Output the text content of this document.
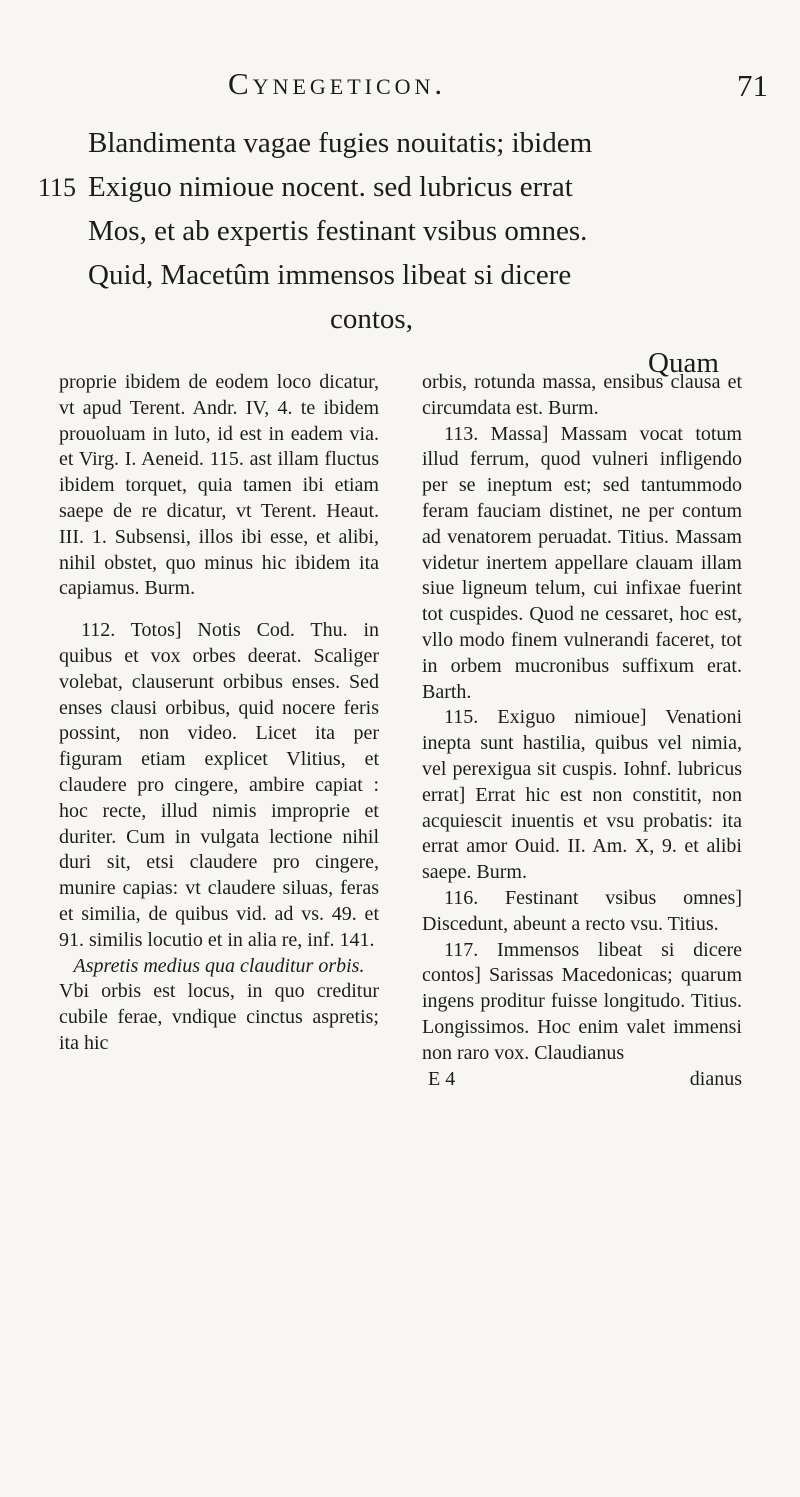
Cynegeticon.	71
Blandimenta vagae fugies nouitatis; ibidem
115 Exiguo nimioue nocent. sed lubricus errat
Mos, et ab expertis festinant vsibus omnes.
Quid, Macetûm immensos libeat si dicere
contos,
Quam

proprie ibidem de eodem loco dicatur, vt apud Terent. Andr. IV, 4. te ibidem prouoluam in luto, id est in eadem via. et Virg. I. Aeneid. 115. ast illam fluctus ibidem torquet, quia tamen ibi etiam saepe de re dicatur, vt Terent. Heaut. III. 1. Subsensi, illos ibi esse, et alibi, nihil obstet, quo minus hic ibidem ita capiamus. Burm.

112. Totos] Notis Cod. Thu. in quibus et vox orbes deerat. Scaliger volebat, clauserunt orbibus enses. Sed enses clausi orbibus, quid nocere feris possint, non video. Licet ita per figuram etiam explicet Vlitius, et claudere pro cingere, ambire capiat : hoc recte, illud nimis improprie et duriter. Cum in vulgata lectione nihil duri sit, etsi claudere pro cingere, munire capias: vt claudere siluas, feras et similia, de quibus vid. ad vs. 49. et 91. similis locutio et in alia re, inf. 141.

Aspretis medius qua clauditur orbis.

Vbi orbis est locus, in quo creditur cubile ferae, vndique cinctus aspretis; ita hic

orbis, rotunda massa, ensibus clausa et circumdata est. Burm.

113. Massa] Massam vocat totum illud ferrum, quod vulneri infligendo per se ineptum est; sed tantummodo feram fauciam distinet, ne per contum ad venatorem peruadat. Titius. Massam videtur inertem appellare clauam illam siue ligneum telum, cui infixae fuerint tot cuspides. Quod ne cessaret, hoc est, vllo modo finem vulnerandi faceret, tot in orbem mucronibus suffixum erat. Barth.

115. Exiguo nimioue] Venationi inepta sunt hastilia, quibus vel nimia, vel perexigua sit cuspis. Iohnf. lubricus errat] Errat hic est non constitit, non acquiescit inuentis et vsu probatis: ita errat amor Ouid. II. Am. X, 9. et alibi saepe. Burm.

116. Festinant vsibus omnes] Discedunt, abeunt a recto vsu. Titius.

117. Immensos libeat si dicere contos] Sarissas Macedonicas; quarum ingens proditur fuisse longitudo. Titius. Longissimos. Hoc enim valet immensi non raro vox. Claudianus

E 4	dianus
